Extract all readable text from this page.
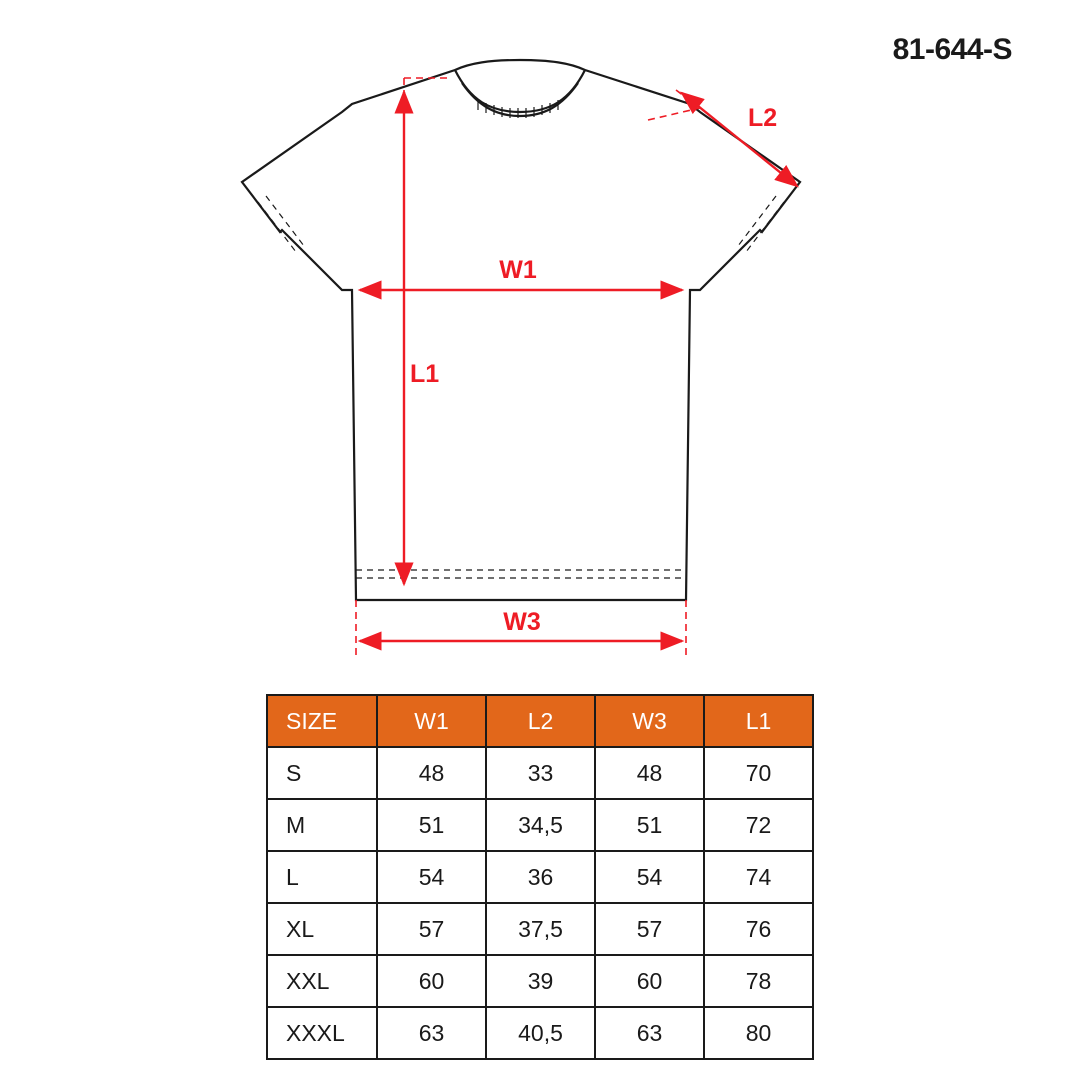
81-644-S
L1
W1
W3
L2
SIZE	W1	L2	W3	L1
S	48	33	48	70
M	51	34,5	51	72
L	54	36	54	74
XL	57	37,5	57	76
XXL	60	39	60	78
XXXL	63	40,5	63	80
